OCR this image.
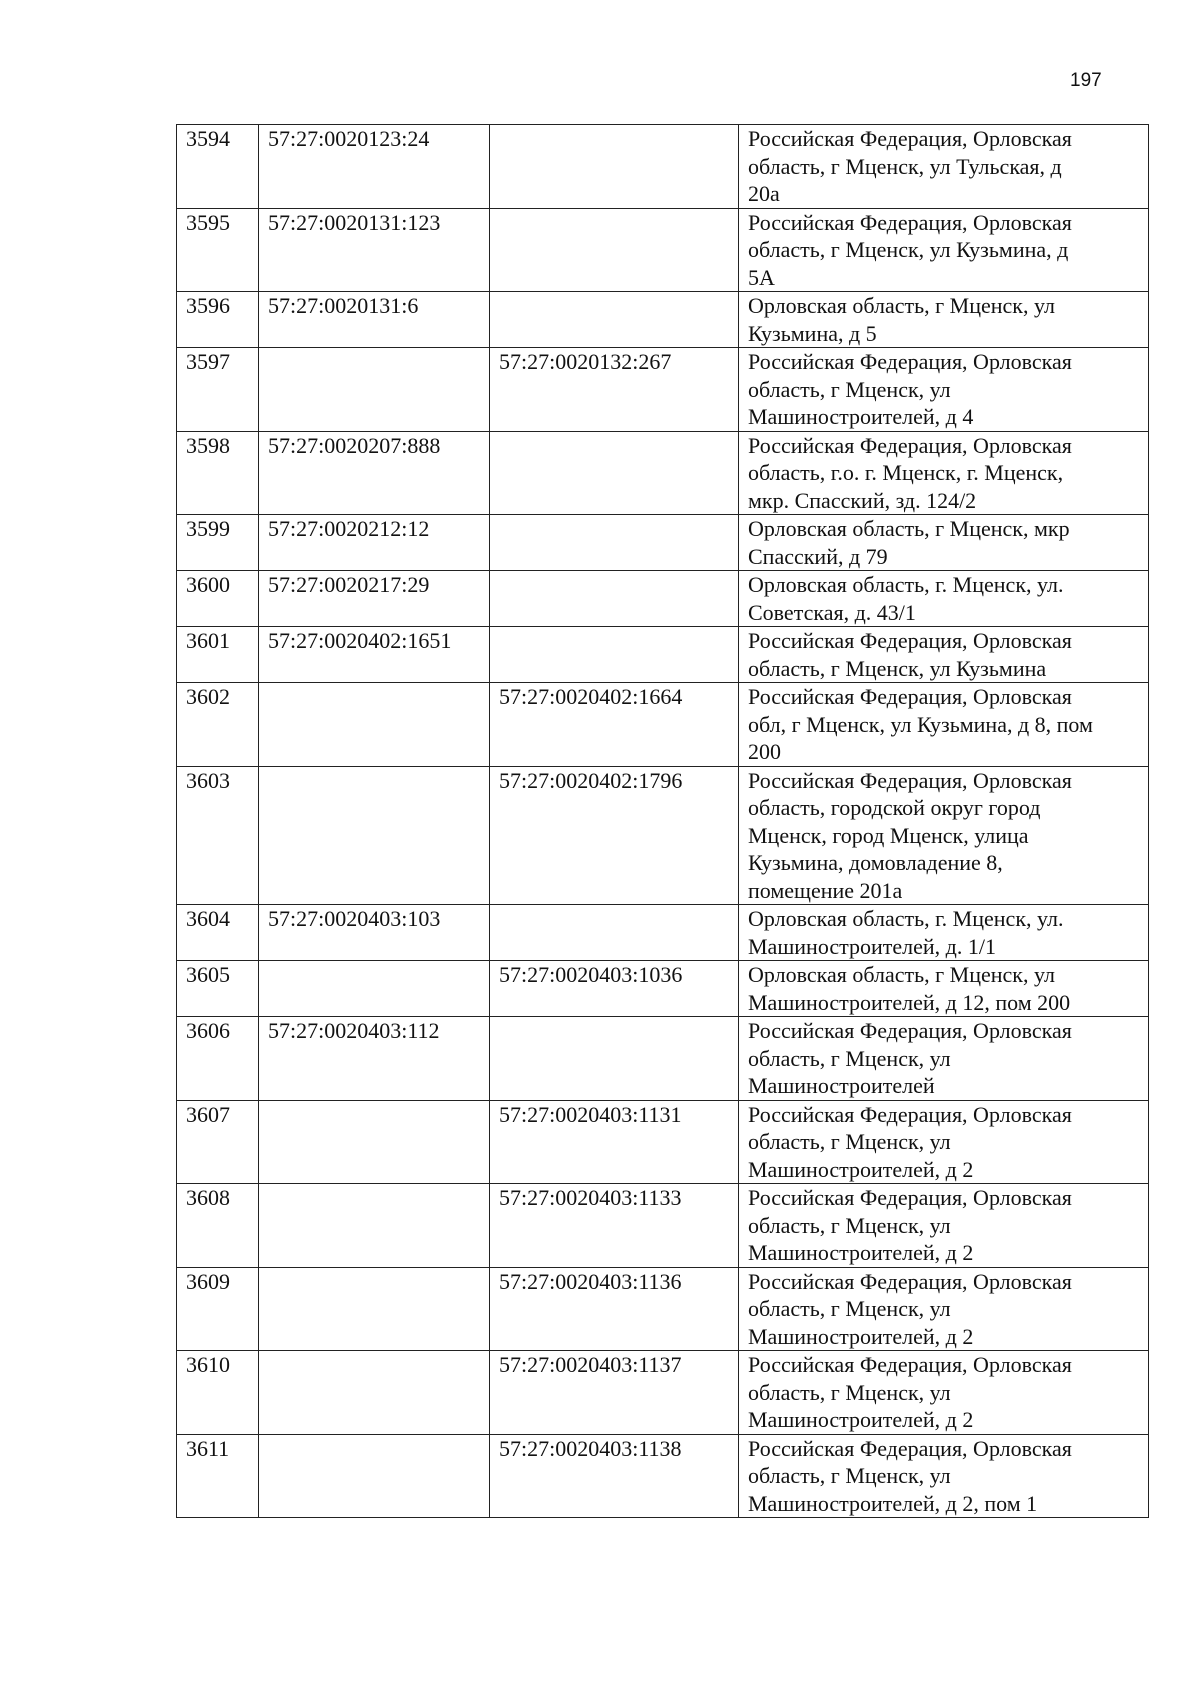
197
3594	57:27:0020123:24		Российская Федерация, Орловская
область, г Мценск, ул Тульская, д
20а

3595	57:27:0020131:123		Российская Федерация, Орловская
область, г Мценск, ул Кузьмина, д
5А

3596	57:27:0020131:6		Орловская область, г Мценск, ул
Кузьмина, д 5

3597		57:27:0020132:267	Российская Федерация, Орловская
область, г Мценск, ул
Машиностроителей, д 4

3598	57:27:0020207:888		Российская Федерация, Орловская
область, г.о. г. Мценск, г. Мценск,
мкр. Спасский, зд. 124/2

3599	57:27:0020212:12		Орловская область, г Мценск, мкр
Спасский, д 79

3600	57:27:0020217:29		Орловская область, г. Мценск, ул.
Советская, д. 43/1

3601	57:27:0020402:1651		Российская Федерация, Орловская
область, г Мценск, ул Кузьмина

3602		57:27:0020402:1664	Российская Федерация, Орловская
обл, г Мценск, ул Кузьмина, д 8, пом
200

3603		57:27:0020402:1796	Российская Федерация, Орловская
область, городской округ город
Мценск, город Мценск, улица
Кузьмина, домовладение 8,
помещение 201а

3604	57:27:0020403:103		Орловская область, г. Мценск, ул.
Машиностроителей, д. 1/1

3605		57:27:0020403:1036	Орловская область, г Мценск, ул
Машиностроителей, д 12, пом 200

3606	57:27:0020403:112		Российская Федерация, Орловская
область, г Мценск, ул
Машиностроителей

3607		57:27:0020403:1131	Российская Федерация, Орловская
область, г Мценск, ул
Машиностроителей, д 2

3608		57:27:0020403:1133	Российская Федерация, Орловская
область, г Мценск, ул
Машиностроителей, д 2

3609		57:27:0020403:1136	Российская Федерация, Орловская
область, г Мценск, ул
Машиностроителей, д 2

3610		57:27:0020403:1137	Российская Федерация, Орловская
область, г Мценск, ул
Машиностроителей, д 2

3611		57:27:0020403:1138	Российская Федерация, Орловская
область, г Мценск, ул
Машиностроителей, д 2, пом 1
